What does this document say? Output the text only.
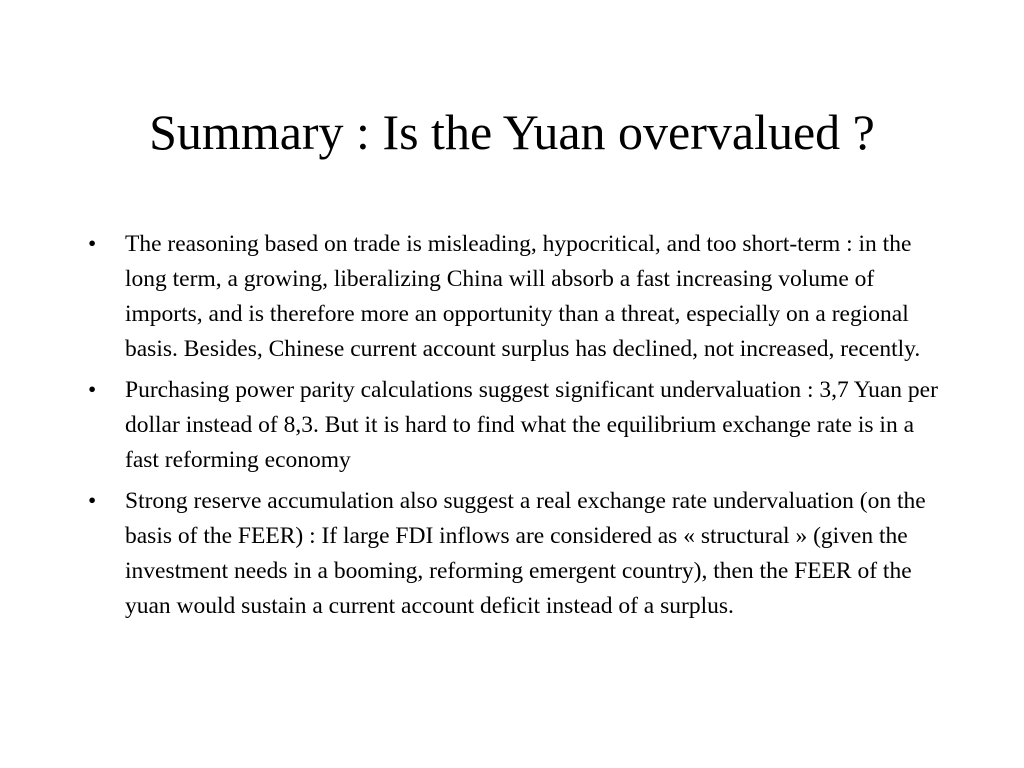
Summary : Is the Yuan overvalued ?
• The reasoning based on trade is misleading, hypocritical, and too short-term : in the long term, a growing, liberalizing China will absorb a fast increasing volume of imports, and is therefore more an opportunity than a threat, especially on a regional basis. Besides, Chinese current account surplus has declined, not increased, recently.
• Purchasing power parity calculations suggest significant undervaluation : 3,7 Yuan per dollar instead of 8,3. But it is hard to find what the equilibrium exchange rate is in a fast reforming economy
• Strong reserve accumulation also suggest a real exchange rate undervaluation (on the basis of the FEER) : If large FDI inflows are considered as « structural » (given the investment needs in a booming, reforming emergent country), then the FEER of the yuan would sustain a current account deficit instead of a surplus.
